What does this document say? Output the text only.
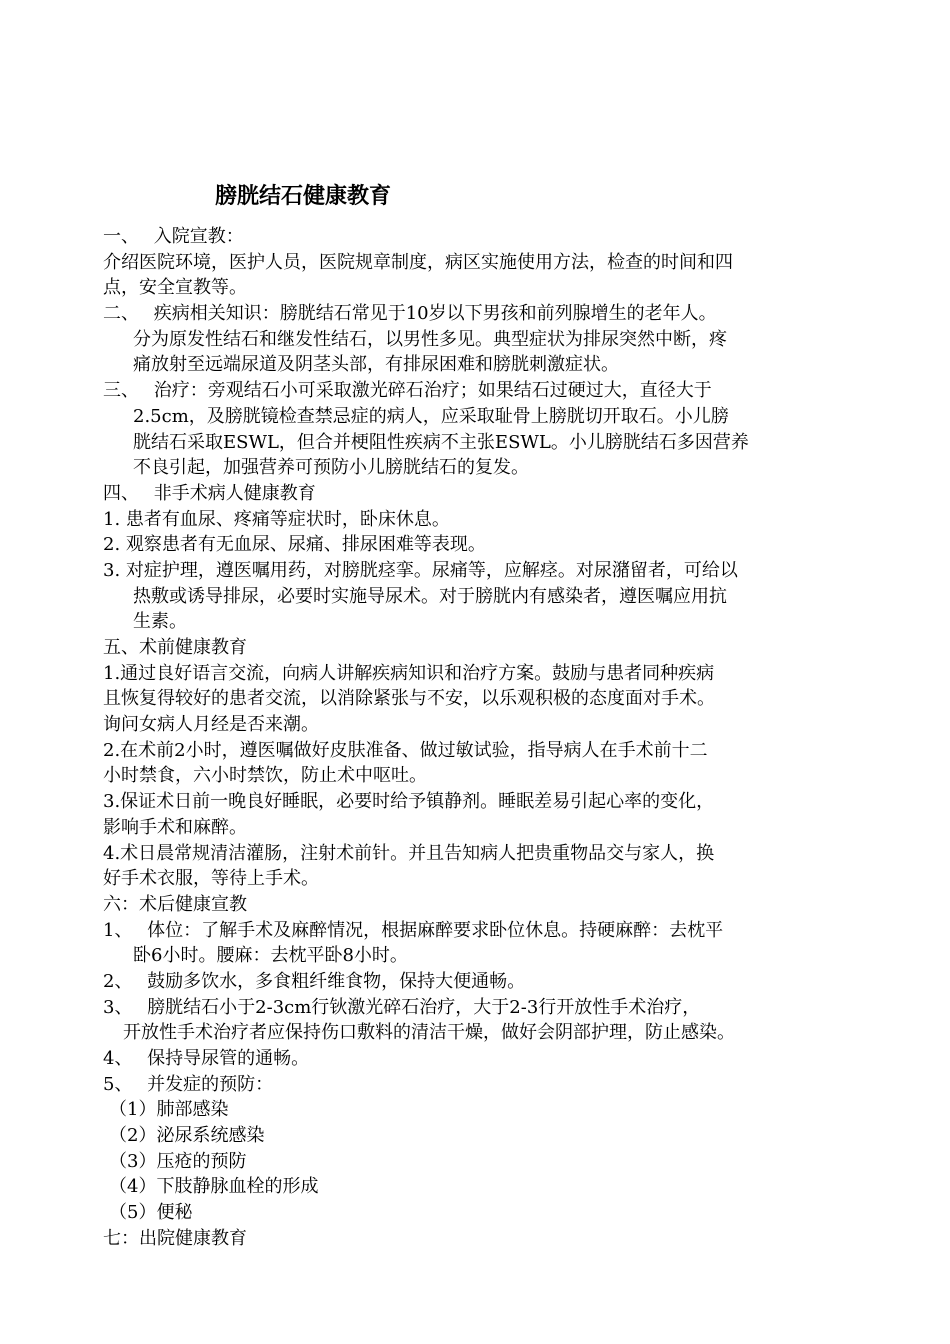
膀胱结石健康教育
一、　 入院宣教：
介绍医院环境，医护人员，医院规章制度，病区实施使用方法，检查的时间和四
点，安全宣教等。
二、　 疾病相关知识：膀胱结石常见于10岁以下男孩和前列腺增生的老年人。
分为原发性结石和继发性结石，以男性多见。典型症状为排尿突然中断，疼
痛放射至远端尿道及阴茎头部，有排尿困难和膀胱刺激症状。
三、　 治疗：旁观结石小可采取激光碎石治疗；如果结石过硬过大，直径大于
2.5cm，及膀胱镜检查禁忌症的病人，应采取耻骨上膀胱切开取石。小儿膀
胱结石采取ESWL，但合并梗阻性疾病不主张ESWL。小儿膀胱结石多因营养
不良引起，加强营养可预防小儿膀胱结石的复发。
四、　 非手术病人健康教育
1. 患者有血尿、疼痛等症状时，卧床休息。
2. 观察患者有无血尿、尿痛、排尿困难等表现。
3. 对症护理，遵医嘱用药，对膀胱痉挛。尿痛等，应解痉。对尿潴留者，可给以
热敷或诱导排尿，必要时实施导尿术。对于膀胱内有感染者，遵医嘱应用抗
生素。
五、术前健康教育
1.通过良好语言交流，向病人讲解疾病知识和治疗方案。鼓励与患者同种疾病
且恢复得较好的患者交流，以消除紧张与不安，以乐观积极的态度面对手术。
询问女病人月经是否来潮。
2.在术前2小时，遵医嘱做好皮肤准备、做过敏试验，指导病人在手术前十二
小时禁食，六小时禁饮，防止术中呕吐。
3.保证术日前一晚良好睡眠，必要时给予镇静剂。睡眠差易引起心率的变化，
影响手术和麻醉。
4.术日晨常规清洁灌肠，注射术前针。并且告知病人把贵重物品交与家人，换
好手术衣服，等待上手术。
六：术后健康宣教
1、　 体位：了解手术及麻醉情况，根据麻醉要求卧位休息。持硬麻醉：去枕平
卧6小时。腰麻：去枕平卧8小时。
2、　 鼓励多饮水，多食粗纤维食物，保持大便通畅。
3、　 膀胱结石小于2-3cm行钬激光碎石治疗，大于2-3行开放性手术治疗，
开放性手术治疗者应保持伤口敷料的清洁干燥，做好会阴部护理，防止感染。
4、　 保持导尿管的通畅。
5、　 并发症的预防：
（1）肺部感染
（2）泌尿系统感染
（3）压疮的预防
（4）下肢静脉血栓的形成
（5）便秘
七：出院健康教育
